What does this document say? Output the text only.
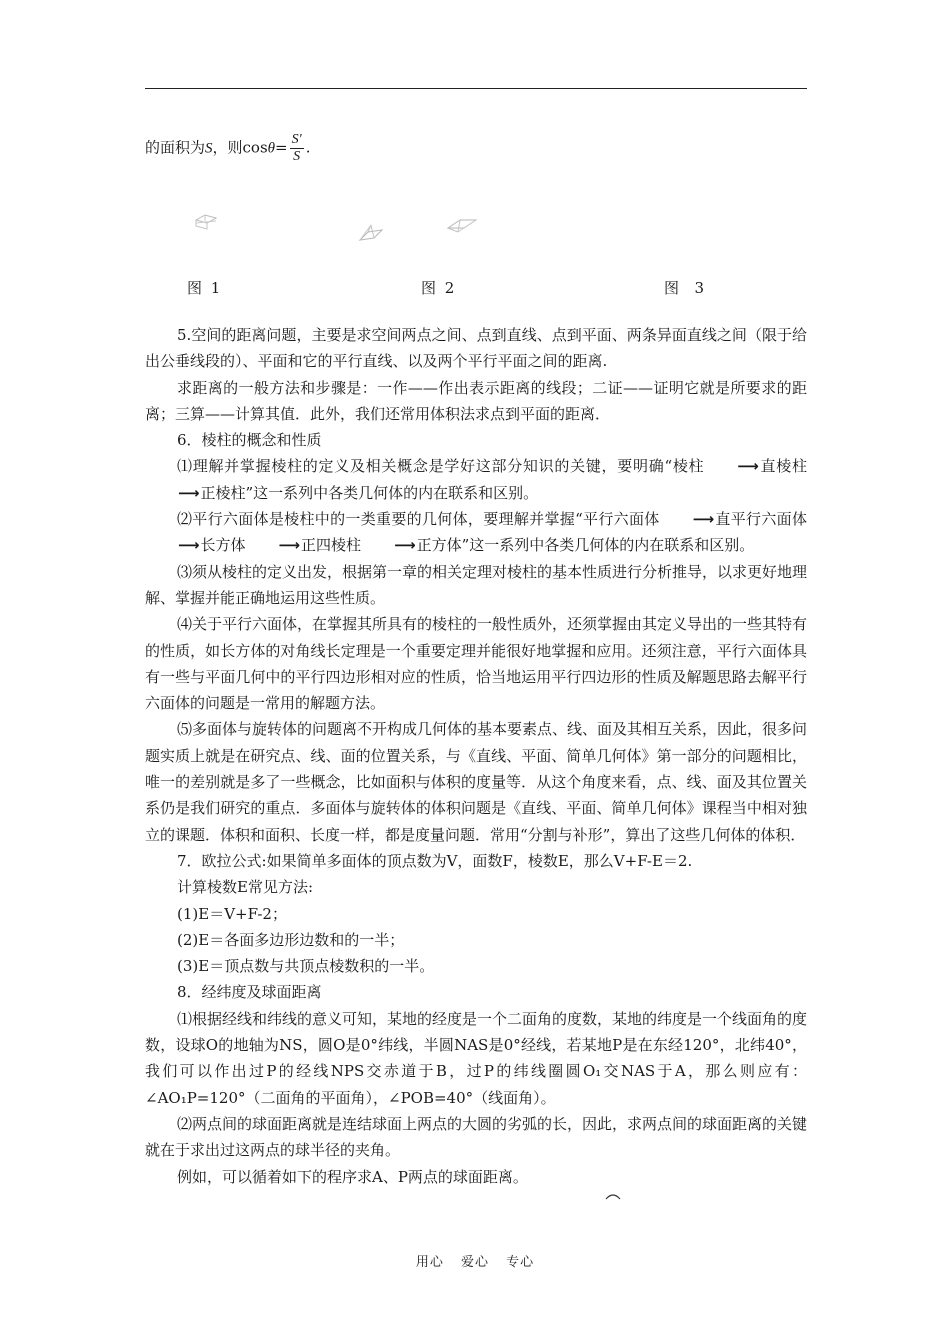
的面积为S，则$\cos\theta= \frac{S'}{S}$ .
图 1	图 2	图  3

5.空间的距离问题，主要是求空间两点之间、点到直线、点到平面、两条异面直线之间（限于给出公垂线段的）、平面和它的平行直线、以及两个平行平面之间的距离.

求距离的一般方法和步骤是：一作——作出表示距离的线段；二证——证明它就是所要求的距离；三算——计算其值．此外，我们还常用体积法求点到平面的距离．

6．棱柱的概念和性质

⑴理解并掌握棱柱的定义及相关概念是学好这部分知识的关键，要明确“棱柱 ⟶直棱柱⟶正棱柱”这一系列中各类几何体的内在联系和区别。

⑵平行六面体是棱柱中的一类重要的几何体，要理解并掌握“平行六面体 ⟶直平行六面体⟶长方体 ⟶正四棱柱 ⟶正方体”这一系列中各类几何体的内在联系和区别。

⑶须从棱柱的定义出发，根据第一章的相关定理对棱柱的基本性质进行分析推导，以求更好地理解、掌握并能正确地运用这些性质。

⑷关于平行六面体，在掌握其所具有的棱柱的一般性质外，还须掌握由其定义导出的一些其特有的性质，如长方体的对角线长定理是一个重要定理并能很好地掌握和应用。还须注意，平行六面体具有一些与平面几何中的平行四边形相对应的性质，恰当地运用平行四边形的性质及解题思路去解平行六面体的问题是一常用的解题方法。

⑸多面体与旋转体的问题离不开构成几何体的基本要素点、线、面及其相互关系，因此，很多问题实质上就是在研究点、线、面的位置关系，与《直线、平面、简单几何体》第一部分的问题相比，唯一的差别就是多了一些概念，比如面积与体积的度量等．从这个角度来看，点、线、面及其位置关系仍是我们研究的重点．多面体与旋转体的体积问题是《直线、平面、简单几何体》课程当中相对独立的课题．体积和面积、长度一样，都是度量问题．常用“分割与补形”，算出了这些几何体的体积．

7．欧拉公式:如果简单多面体的顶点数为V，面数F，棱数E，那么V+F-E＝2.

计算棱数E常见方法:

(1)E＝V+F-2；

(2)E＝各面多边形边数和的一半；

(3)E＝顶点数与共顶点棱数积的一半。

8．经纬度及球面距离

⑴根据经线和纬线的意义可知，某地的经度是一个二面角的度数，某地的纬度是一个线面角的度数，设球O的地轴为NS，圆O是0°纬线，半圆NAS是0°经线，若某地P是在东经120°，北纬40°，我们可以作出过P的经线NPS交赤道于B，过P的纬线圈圆O₁交NAS于A，那么则应有：∠AO₁P=120°（二面角的平面角），∠POB=40°（线面角）。

⑵两点间的球面距离就是连结球面上两点的大圆的劣弧的长，因此，求两点间的球面距离的关键就在于求出过这两点的球半径的夹角。

例如，可以循着如下的程序求A、P两点的球面距离。

用心 爱心 专心
